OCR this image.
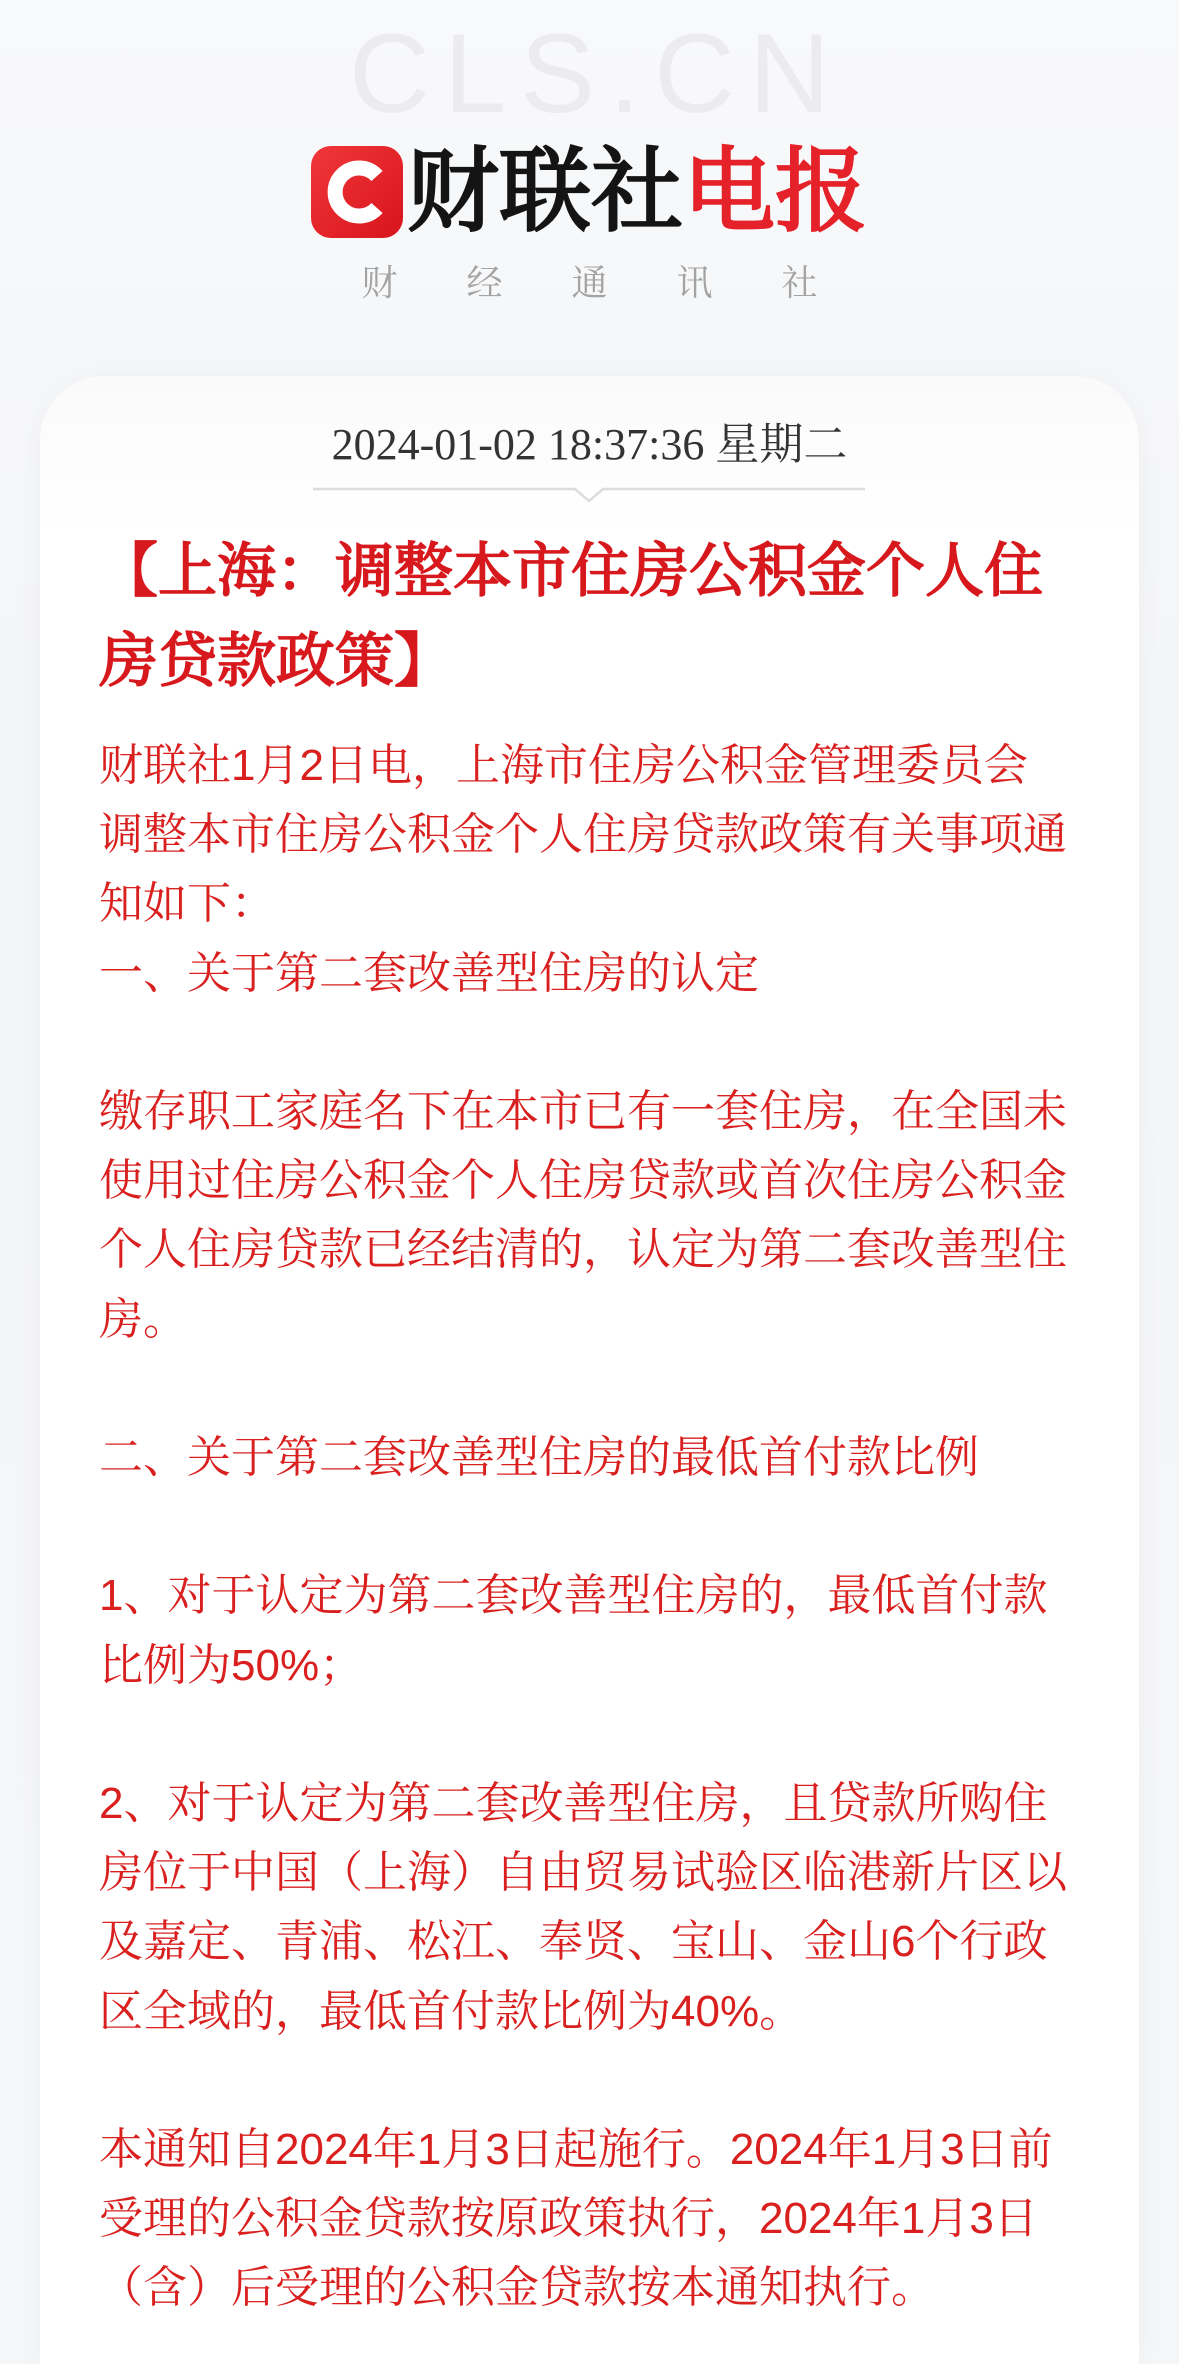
CLS.CN
财联社电报
财经通讯社
2024-01-02 18:37:36 星期二
【上海：调整本市住房公积金个人住
房贷款政策】
财联社1月2日电，上海市住房公积金管理委员会
调整本市住房公积金个人住房贷款政策有关事项通
知如下：
一、关于第二套改善型住房的认定
缴存职工家庭名下在本市已有一套住房，在全国未
使用过住房公积金个人住房贷款或首次住房公积金
个人住房贷款已经结清的，认定为第二套改善型住
房。
二、关于第二套改善型住房的最低首付款比例
1、对于认定为第二套改善型住房的，最低首付款
比例为50%；
2、对于认定为第二套改善型住房，且贷款所购住
房位于中国（上海）自由贸易试验区临港新片区以
及嘉定、青浦、松江、奉贤、宝山、金山6个行政
区全域的，最低首付款比例为40%。
本通知自2024年1月3日起施行。2024年1月3日前
受理的公积金贷款按原政策执行，2024年1月3日
（含）后受理的公积金贷款按本通知执行。
